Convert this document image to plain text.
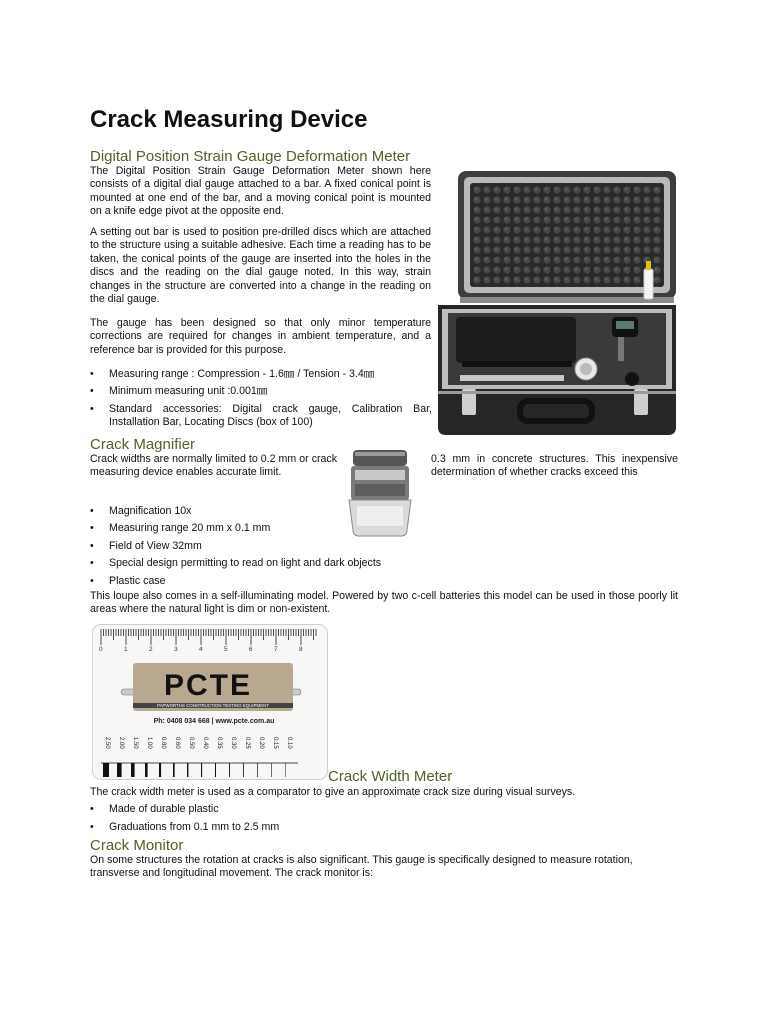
Crack Measuring Device
Digital Position Strain Gauge Deformation Meter

The Digital Position Strain Gauge Deformation Meter shown here consists of a digital dial gauge attached to a bar. A fixed conical point is mounted at one end of the bar, and a moving conical point is mounted on a knife edge pivot at the opposite end.

A setting out bar is used to position pre-drilled discs which are attached to the structure using a suitable adhesive. Each time a reading has to be taken, the conical points of the gauge are inserted into the holes in the discs and the reading on the dial gauge noted. In this way, strain changes in the structure are converted into a change in the reading on the dial gauge.

The gauge has been designed so that only minor temperature corrections are required for changes in ambient temperature, and a reference bar is provided for this purpose.

• Measuring range : Compression - 1.6㎜ / Tension - 3.4㎜
• Minimum measuring unit :0.001㎜
• Standard accessories: Digital crack gauge, Calibration Bar, Installation Bar, Locating Discs (box of 100)
Crack Magnifier

Crack widths are normally limited to 0.2 mm or crack measuring device enables accurate limit.

0.3 mm in concrete structures. This inexpensive determination of whether cracks exceed this

• Magnification 10x
• Measuring range 20 mm x 0.1 mm
• Field of View 32mm
• Special design permitting to read on light and dark objects
• Plastic case

This loupe also comes in a self-illuminating model. Powered by two c-cell batteries this model can be used in those poorly lit areas where the natural light is dim or non-existent.

0	1	2	3	4	5	6	7	8
PCTE
PAPWORTHS CONSTRUCTION TESTING EQUIPMENT
Ph: 0408 034 668 | www.pcte.com.au
2.50 2.00 1.50 1.00 0.80 0.60 0.50 0.40 0.35 0.30 0.25 0.20 0.15 0.10
Crack Width Meter

The crack width meter is used as a comparator to give an approximate crack size during visual surveys.

• Made of durable plastic
• Graduations from 0.1 mm to 2.5 mm
Crack Monitor

On some structures the rotation at cracks is also significant. This gauge is specifically designed to measure rotation, transverse and longitudinal movement. The crack monitor is:
